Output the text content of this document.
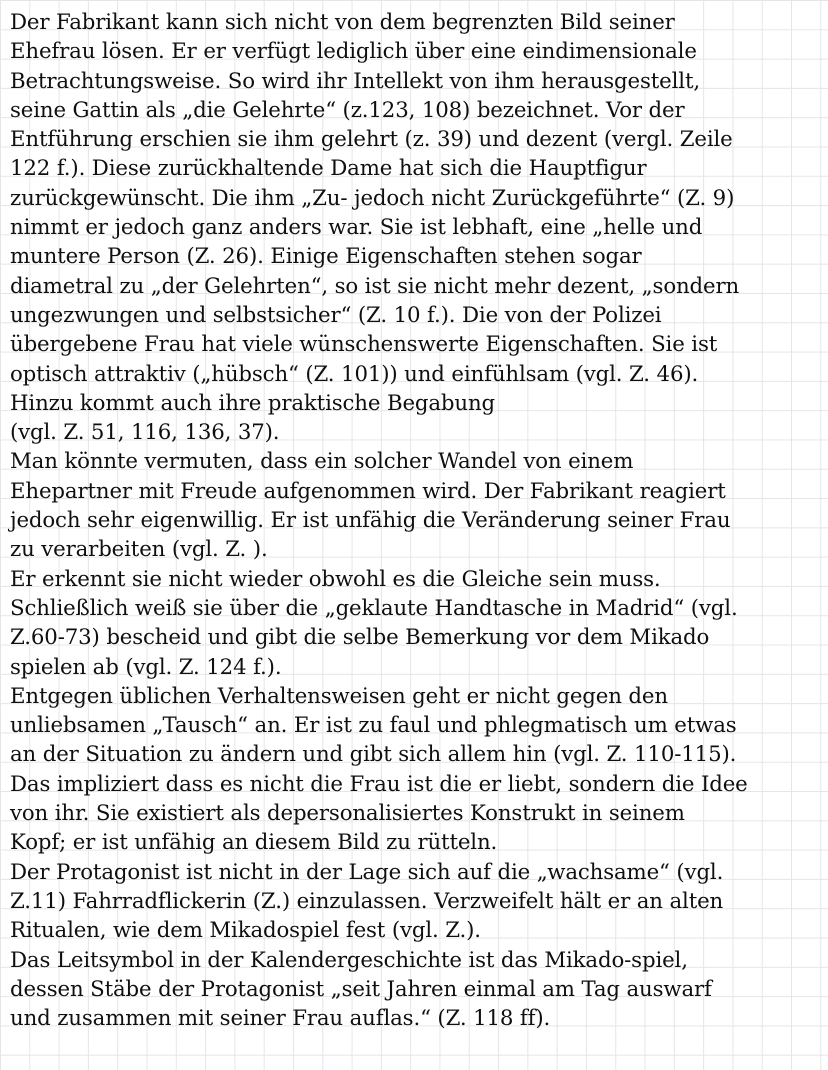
Der Fabrikant kann sich nicht von dem begrenzten Bild seiner
Ehefrau lösen. Er er verfügt lediglich über eine eindimensionale
Betrachtungsweise. So wird ihr Intellekt von ihm herausgestellt,
seine Gattin als „die Gelehrte“ (z.123, 108) bezeichnet. Vor der
Entführung erschien sie ihm gelehrt (z. 39) und dezent (vergl. Zeile
122 f.). Diese zurückhaltende Dame hat sich die Hauptfigur
zurückgewünscht. Die ihm „Zu- jedoch nicht Zurückgeführte“ (Z. 9)
nimmt er jedoch ganz anders war. Sie ist lebhaft, eine „helle und
muntere Person (Z. 26). Einige Eigenschaften stehen sogar
diametral zu „der Gelehrten“, so ist sie nicht mehr dezent, „sondern
ungezwungen und selbstsicher“ (Z. 10 f.). Die von der Polizei
übergebene Frau hat viele wünschenswerte Eigenschaften. Sie ist
optisch attraktiv („hübsch“ (Z. 101)) und einfühlsam (vgl. Z. 46).
Hinzu kommt auch ihre praktische Begabung
(vgl. Z. 51, 116, 136, 37).
Man könnte vermuten, dass ein solcher Wandel von einem
Ehepartner mit Freude aufgenommen wird. Der Fabrikant reagiert
jedoch sehr eigenwillig. Er ist unfähig die Veränderung seiner Frau
zu verarbeiten (vgl. Z. ).
Er erkennt sie nicht wieder obwohl es die Gleiche sein muss.
Schließlich weiß sie über die „geklaute Handtasche in Madrid“ (vgl.
Z.60-73) bescheid und gibt die selbe Bemerkung vor dem Mikado
spielen ab (vgl. Z. 124 f.).
Entgegen üblichen Verhaltensweisen geht er nicht gegen den
unliebsamen „Tausch“ an. Er ist zu faul und phlegmatisch um etwas
an der Situation zu ändern und gibt sich allem hin (vgl. Z. 110-115).
Das impliziert dass es nicht die Frau ist die er liebt, sondern die Idee
von ihr. Sie existiert als depersonalisiertes Konstrukt in seinem
Kopf; er ist unfähig an diesem Bild zu rütteln.
Der Protagonist ist nicht in der Lage sich auf die „wachsame“ (vgl.
Z.11) Fahrradflickerin (Z.) einzulassen. Verzweifelt hält er an alten
Ritualen, wie dem Mikadospiel fest (vgl. Z.).
Das Leitsymbol in der Kalendergeschichte ist das Mikado-spiel,
dessen Stäbe der Protagonist „seit Jahren einmal am Tag auswarf
und zusammen mit seiner Frau auflas.“ (Z. 118 ff).
